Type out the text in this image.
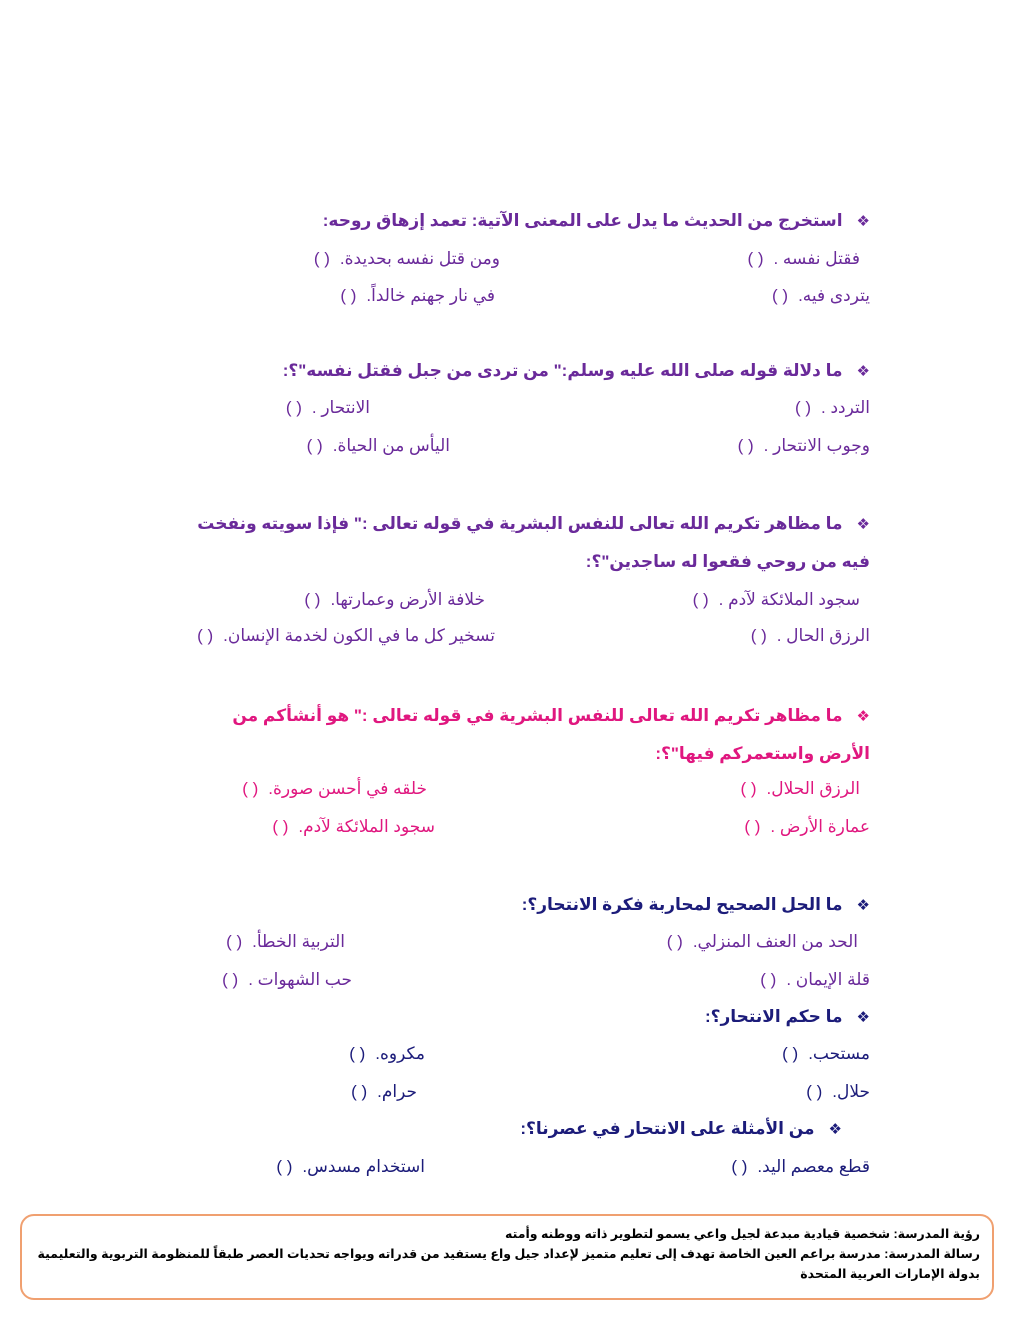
❖استخرج من الحديث ما يدل على المعنى الآتية: تعمد إزهاق روحه:

فقتل نفسه .( )
ومن قتل نفسه بحديدة.( )
يتردى فيه.( )
في نار جهنم خالداً.( )

❖ما دلالة قوله صلى الله عليه وسلم:" من تردى من جبل فقتل نفسه"؟:

التردد .( )
الانتحار .( )
وجوب الانتحار .( )
اليأس من الحياة.( )

❖ما مظاهر تكريم الله تعالى للنفس البشرية في قوله تعالى :" فإذا سويته ونفخت فيه من روحي فقعوا له ساجدين"؟:

سجود الملائكة لآدم .( )
خلافة الأرض وعمارتها.( )
الرزق الحال .( )
تسخير كل ما في الكون لخدمة الإنسان.( )

❖ما مظاهر تكريم الله تعالى للنفس البشرية في قوله تعالى :" هو أنشأكم من الأرض واستعمركم فيها"؟:

الرزق الحلال.( )
خلقه في أحسن صورة.( )
عمارة الأرض .( )
سجود الملائكة لآدم.( )

❖ما الحل الصحيح لمحاربة فكرة الانتحار؟:

الحد من العنف المنزلي.( )
التربية الخطأ.( )
قلة الإيمان .( )
حب الشهوات .( )

❖ما حكم الانتحار؟:

مستحب.( )
مكروه.( )
حلال.( )
حرام.( )

❖من الأمثلة على الانتحار في عصرنا؟:

قطع معصم اليد.( )
استخدام مسدس.( )

رؤية المدرسة: شخصية قيادية مبدعة لجيل واعي يسمو لتطوير ذاته ووطنه وأمته

رسالة المدرسة: مدرسة براعم العين الخاصة تهدف إلى تعليم متميز لإعداد جيل واع يستفيد من قدراته ويواجه تحديات العصر طبقاً للمنظومة التربوية والتعليمية

بدولة الإمارات العربية المتحدة
